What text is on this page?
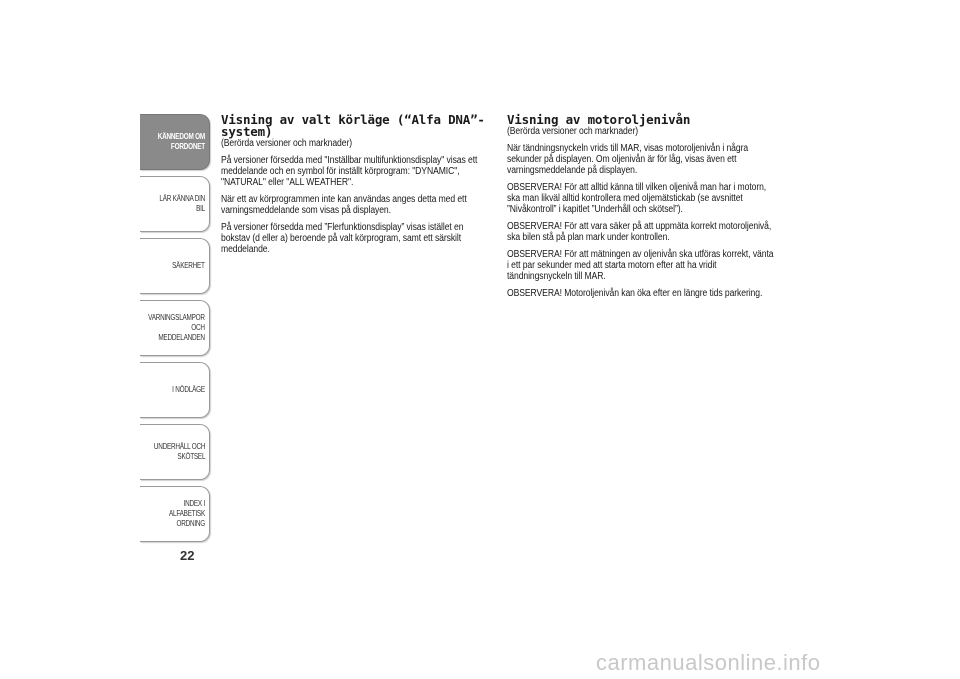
KÄNNEDOM OM
FORDONET
LÄR KÄNNA DIN BIL
SÄKERHET
VARNINGSLAMPOR
OCH MEDDELANDEN
I NÖDLÄGE
UNDERHÅLL OCH
SKÖTSEL
INDEX I ALFABETISK
ORDNING
22
Visning av valt körläge (“Alfa DNA”-system)
(Berörda versioner och marknader)

På versioner försedda med "Inställbar multifunktionsdisplay" visas ett meddelande och en symbol för inställt körprogram: "DYNAMIC", "NATURAL" eller "ALL WEATHER".

När ett av körprogrammen inte kan användas anges detta med ett varningsmeddelande som visas på displayen.

På versioner försedda med ”Flerfunktionsdisplay” visas istället en bokstav (d eller a) beroende på valt körprogram, samt ett särskilt meddelande.

Visning av motoroljenivån
(Berörda versioner och marknader)

När tändningsnyckeln vrids till MAR, visas motoroljenivån i några sekunder på displayen. Om oljenivån är för låg, visas även ett varningsmeddelande på displayen.

OBSERVERA! För att alltid känna till vilken oljenivå man har i motorn, ska man likväl alltid kontrollera med oljemätstickab (se avsnittet ”Nivåkontroll” i kapitlet ”Underhåll och skötsel”).

OBSERVERA! För att vara säker på att uppmäta korrekt motoroljenivå, ska bilen stå på plan mark under kontrollen.

OBSERVERA! För att mätningen av oljenivån ska utföras korrekt, vänta i ett par sekunder med att starta motorn efter att ha vridit tändningsnyckeln till MAR.

OBSERVERA! Motoroljenivån kan öka efter en längre tids parkering.

carmanualsonline.info
